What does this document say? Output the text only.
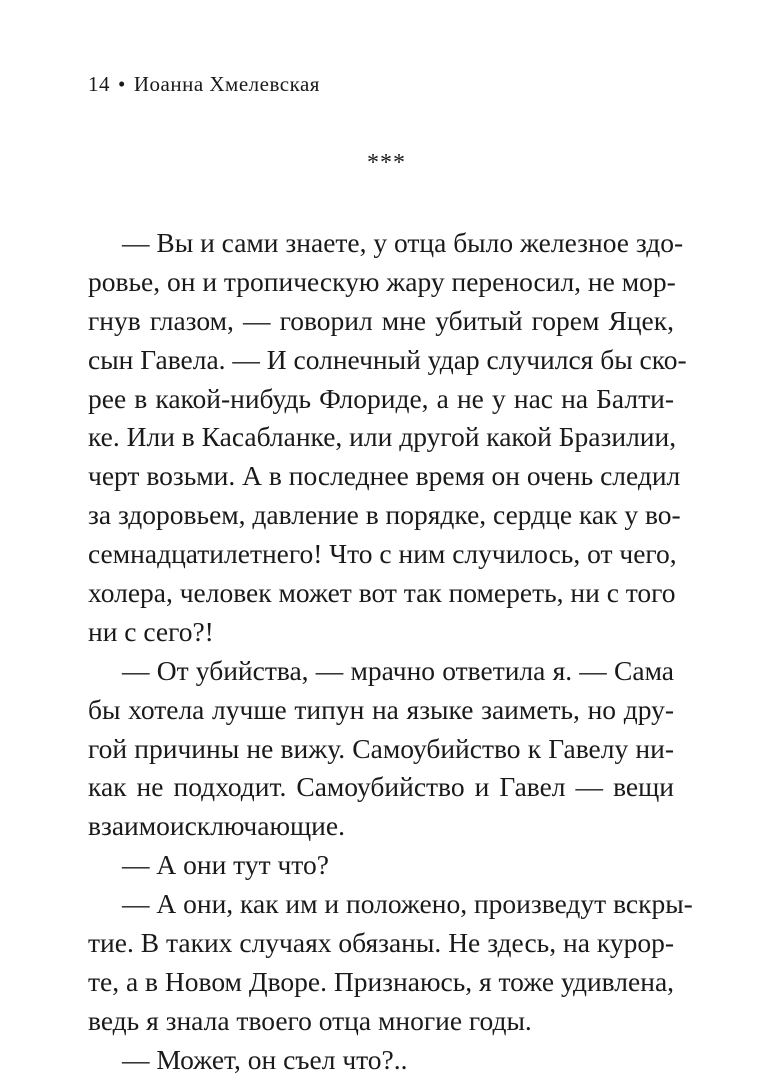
14 • Иоанна Хмелевская
***
— Вы и сами знаете, у отца было железное здо-
ровье, он и тропическую жару переносил, не мор-
гнув глазом, — говорил мне убитый горем Яцек,
сын Гавела. — И солнечный удар случился бы ско-
рее в какой-нибудь Флориде, а не у нас на Балти-
ке. Или в Касабланке, или другой какой Бразилии,
черт возьми. А в последнее время он очень следил
за здоровьем, давление в порядке, сердце как у во-
семнадцатилетнего! Что с ним случилось, от чего,
холера, человек может вот так помереть, ни с того
ни с сего?!
— От убийства, — мрачно ответила я. — Сама
бы хотела лучше типун на языке заиметь, но дру-
гой причины не вижу. Самоубийство к Гавелу ни-
как не подходит. Самоубийство и Гавел — вещи
взаимоисключающие.
— А они тут что?
— А они, как им и положено, произведут вскры-
тие. В таких случаях обязаны. Не здесь, на курор-
те, а в Новом Дворе. Признаюсь, я тоже удивлена,
ведь я знала твоего отца многие годы.
— Может, он съел что?..
